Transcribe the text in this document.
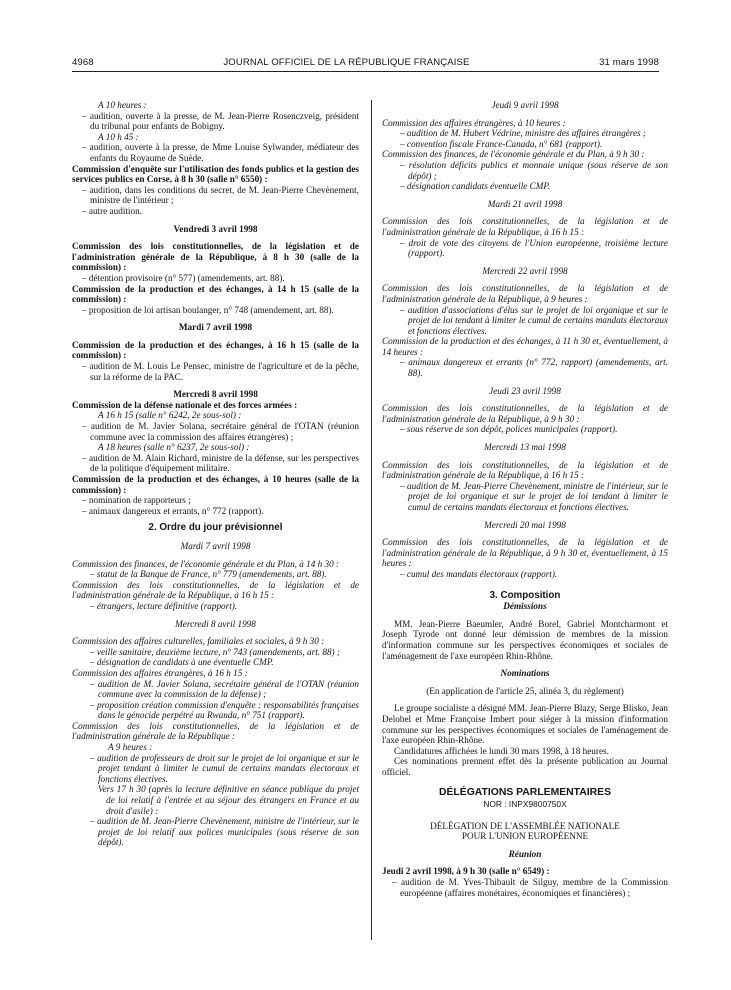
4968	JOURNAL OFFICIEL DE LA RÉPUBLIQUE FRANÇAISE	31 mars 1998

A 10 heures :

– audition, ouverte à la presse, de M. Jean-Pierre Rosenczveig, président du tribunal pour enfants de Bobigny.

A 10 h 45 :

– audition, ouverte à la presse, de Mme Louise Sylwander, médiateur des enfants du Royaume de Suède.

Commission d'enquête sur l'utilisation des fonds publics et la gestion des services publics en Corse, à 8 h 30 (salle n° 6550) :

– audition, dans les conditions du secret, de M. Jean-Pierre Chevènement, ministre de l'intérieur ;

– autre audition.

Vendredi 3 avril 1998

Commission des lois constitutionnelles, de la législation et de l'administration générale de la République, à 8 h 30 (salle de la commission) :

– détention provisoire (n° 577) (amendements, art. 88).

Commission de la production et des échanges, à 14 h 15 (salle de la commission) :

– proposition de loi artisan boulanger, n° 748 (amendement, art. 88).

Mardi 7 avril 1998

Commission de la production et des échanges, à 16 h 15 (salle de la commission) :

– audition de M. Louis Le Pensec, ministre de l'agriculture et de la pêche, sur la réforme de la PAC.

Mercredi 8 avril 1998

Commission de la défense nationale et des forces armées :

A 16 h 15 (salle n° 6242, 2e sous-sol) :

– audition de M. Javier Solana, secrétaire général de l'OTAN (réunion commune avec la commission des affaires étrangères) ;

A 18 heures (salle n° 6237, 2e sous-sol) :

– audition de M. Alain Richard, ministre de la défense, sur les perspectives de la politique d'équipement militaire.

Commission de la production et des échanges, à 10 heures (salle de la commission) :

– nomination de rapporteurs ;

– animaux dangereux et errants, n° 772 (rapport).

2. Ordre du jour prévisionnel

Mardi 7 avril 1998

Commission des finances, de l'économie générale et du Plan, à 14 h 30 :

– statut de la Banque de France, n° 779 (amendements, art. 88).

Commission des lois constitutionnelles, de la législation et de l'administration générale de la République, à 16 h 15 :

– étrangers, lecture définitive (rapport).

Mercredi 8 avril 1998

Commission des affaires culturelles, familiales et sociales, à 9 h 30 :

– veille sanitaire, deuxième lecture, n° 743 (amendements, art. 88) ;

– désignation de candidats à une éventuelle CMP.

Commission des affaires étrangères, à 16 h 15 :

– audition de M. Javier Solana, secrétaire général de l'OTAN (réunion commune avec la commission de la défense) ;

– proposition création commission d'enquête : responsabilités françaises dans le génocide perpétré au Rwanda, n° 751 (rapport).

Commission des lois constitutionnelles, de la législation et de l'administration générale de la République :

A 9 heures :

– audition de professeurs de droit sur le projet de loi organique et sur le projet tendant à limiter le cumul de certains mandats électoraux et fonctions électives.

Vers 17 h 30 (après la lecture définitive en séance publique du projet de loi relatif à l'entrée et au séjour des étrangers en France et au droit d'asile) :

– audition de M. Jean-Pierre Chevènement, ministre de l'intérieur, sur le projet de loi relatif aux polices municipales (sous réserve de son dépôt).

Jeudi 9 avril 1998

Commission des affaires étrangères, à 10 heures :

– audition de M. Hubert Védrine, ministre des affaires étrangères ;

– convention fiscale France-Canada, n° 681 (rapport).

Commission des finances, de l'économie générale et du Plan, à 9 h 30 :

– résolution déficits publics et monnaie unique (sous réserve de son dépôt) ;

– désignation candidats éventuelle CMP.

Mardi 21 avril 1998

Commission des lois constitutionnelles, de la législation et de l'administration générale de la République, à 16 h 15 :

– droit de vote des citoyens de l'Union européenne, troisième lecture (rapport).

Mercredi 22 avril 1998

Commission des lois constitutionnelles, de la législation et de l'administration générale de la République, à 9 heures :

– audition d'associations d'élus sur le projet de loi organique et sur le projet de loi tendant à limiter le cumul de certains mandats électoraux et fonctions électives.

Commission de la production et des échanges, à 11 h 30 et, éventuellement, à 14 heures :

– animaux dangereux et errants (n° 772, rapport) (amendements, art. 88).

Jeudi 23 avril 1998

Commission des lois constitutionnelles, de la législation et de l'administration générale de la République, à 9 h 30 :

– sous réserve de son dépôt, polices municipales (rapport).

Mercredi 13 mai 1998

Commission des lois constitutionnelles, de la législation et de l'administration générale de la République, à 16 h 15 :

– audition de M. Jean-Pierre Chevènement, ministre de l'intérieur, sur le projet de loi organique et sur le projet de loi tendant à limiter le cumul de certains mandats électoraux et fonctions électives.

Mercredi 20 mai 1998

Commission des lois constitutionnelles, de la législation et de l'administration générale de la République, à 9 h 30 et, éventuellement, à 15 heures :

– cumul des mandats électoraux (rapport).

3. Composition

Démissions

MM. Jean-Pierre Baeumler, André Borel, Gabriel Montcharmont et Joseph Tyrode ont donné leur démission de membres de la mission d'information commune sur les perspectives économiques et sociales de l'aménagement de l'axe européen Rhin-Rhône.

Nominations

(En application de l'article 25, alinéa 3, du règlement)

Le groupe socialiste a désigné MM. Jean-Pierre Blazy, Serge Blisko, Jean Delobel et Mme Françoise Imbert pour siéger à la mission d'information commune sur les perspectives économiques et sociales de l'aménagement de l'axe européen Rhin-Rhône.

Candidatures affichées le lundi 30 mars 1998, à 18 heures.

Ces nominations prennent effet dès la présente publication au Journal officiel.

DÉLÉGATIONS PARLEMENTAIRES

NOR : INPX9800750X

DÉLÉGATION DE L'ASSEMBLÉE NATIONALE POUR L'UNION EUROPÉENNE

Réunion

Jeudi 2 avril 1998, à 9 h 30 (salle n° 6549) :

– audition de M. Yves-Thibault de Silguy, membre de la Commission européenne (affaires monétaires, économiques et financières) ;
